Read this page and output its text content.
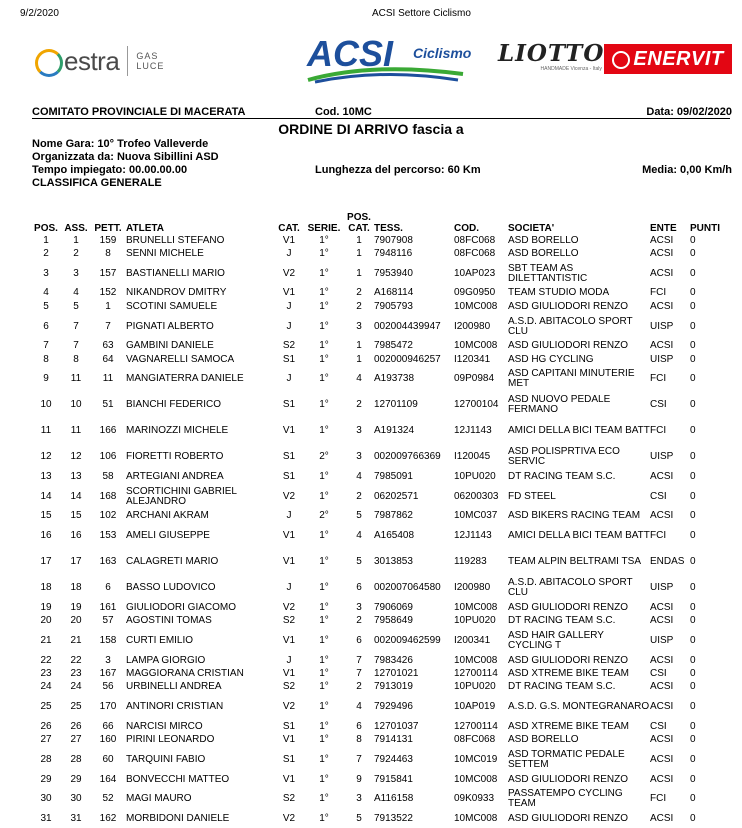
9/2/2020	ACSI Settore Ciclismo
estra GAS
LUCE	ACSI Ciclismo LIOTTO
HANDMADE Vicenza - Italy	ENERVIT
COMITATO PROVINCIALE DI MACERATA	Cod. 10MC	Data: 09/02/2020
ORDINE DI ARRIVO fascia a
Nome Gara: 10° Trofeo Valleverde
Organizzata da: Nuova Sibillini ASD
Tempo impiegato: 00.00.00.00	Lunghezza del percorso: 60 Km	Media: 0,00 Km/h
CLASSIFICA GENERALE
POS.	ASS.	PETT.	ATLETA	CAT.	SERIE.	POS. CAT.	TESS.	COD.	SOCIETA'	ENTE	PUNTI
1	1	159	BRUNELLI STEFANO	V1	1°	1	7907908	08FC068	ASD BORELLO	ACSI	0
2	2	8	SENNI MICHELE	J	1°	1	7948116	08FC068	ASD BORELLO	ACSI	0
3	3	157	BASTIANELLI MARIO	V2	1°	1	7953940	10AP023	SBT TEAM AS DILETTANTISTIC	ACSI	0
4	4	152	NIKANDROV DMITRY	V1	1°	2	A168114	09G0950	TEAM STUDIO MODA	FCI	0
5	5	1	SCOTINI SAMUELE	J	1°	2	7905793	10MC008	ASD GIULIODORI RENZO	ACSI	0
6	7	7	PIGNATI ALBERTO	J	1°	3	002004439947	I200980	A.S.D. ABITACOLO SPORT CLU	UISP	0
7	7	63	GAMBINI DANIELE	S2	1°	1	7985472	10MC008	ASD GIULIODORI RENZO	ACSI	0
8	8	64	VAGNARELLI SAMOCA	S1	1°	1	002000946257	I120341	ASD HG CYCLING	UISP	0
9	11	11	MANGIATERRA DANIELE	J	1°	4	A193738	09P0984	ASD CAPITANI MINUTERIE MET	FCI	0
10	10	51	BIANCHI FEDERICO	S1	1°	2	12701109	12700104	ASD NUOVO PEDALE FERMANO	CSI	0
11	11	166	MARINOZZI MICHELE	V1	1°	3	A191324	12J1143	AMICI DELLA BICI TEAM BATT	FCI	0
12	12	106	FIORETTI ROBERTO	S1	2°	3	002009766369	I120045	ASD POLISPRTIVA ECO SERVIC	UISP	0
13	13	58	ARTEGIANI ANDREA	S1	1°	4	7985091	10PU020	DT RACING TEAM S.C.	ACSI	0
14	14	168	SCORTICHINI GABRIEL ALEJANDRO	V2	1°	2	06202571	06200303	FD STEEL	CSI	0
15	15	102	ARCHANI AKRAM	J	2°	5	7987862	10MC037	ASD BIKERS RACING TEAM	ACSI	0
16	16	153	AMELI GIUSEPPE	V1	1°	4	A165408	12J1143	AMICI DELLA BICI TEAM BATT	FCI	0
17	17	163	CALAGRETI MARIO	V1	1°	5	3013853	119283	TEAM ALPIN BELTRAMI TSA	ENDAS	0
18	18	6	BASSO LUDOVICO	J	1°	6	002007064580	I200980	A.S.D. ABITACOLO SPORT CLU	UISP	0
19	19	161	GIULIODORI GIACOMO	V2	1°	3	7906069	10MC008	ASD GIULIODORI RENZO	ACSI	0
20	20	57	AGOSTINI TOMAS	S2	1°	2	7958649	10PU020	DT RACING TEAM S.C.	ACSI	0
21	21	158	CURTI EMILIO	V1	1°	6	002009462599	I200341	ASD HAIR GALLERY CYCLING T	UISP	0
22	22	3	LAMPA GIORGIO	J	1°	7	7983426	10MC008	ASD GIULIODORI RENZO	ACSI	0
23	23	167	MAGGIORANA CRISTIAN	V1	1°	7	12701021	12700114	ASD XTREME BIKE TEAM	CSI	0
24	24	56	URBINELLI ANDREA	S2	1°	2	7913019	10PU020	DT RACING TEAM S.C.	ACSI	0
25	25	170	ANTINORI CRISTIAN	V2	1°	4	7929496	10AP019	A.S.D. G.S. MONTEGRANARO	ACSI	0
26	26	66	NARCISI MIRCO	S1	1°	6	12701037	12700114	ASD XTREME BIKE TEAM	CSI	0
27	27	160	PIRINI LEONARDO	V1	1°	8	7914131	08FC068	ASD BORELLO	ACSI	0
28	28	60	TARQUINI FABIO	S1	1°	7	7924463	10MC019	ASD TORMATIC PEDALE SETTEM	ACSI	0
29	29	164	BONVECCHI MATTEO	V1	1°	9	7915841	10MC008	ASD GIULIODORI RENZO	ACSI	0
30	30	52	MAGI MAURO	S2	1°	3	A116158	09K0933	PASSATEMPO CYCLING TEAM	FCI	0
31	31	162	MORBIDONI DANIELE	V2	1°	5	7913522	10MC008	ASD GIULIODORI RENZO	ACSI	0
